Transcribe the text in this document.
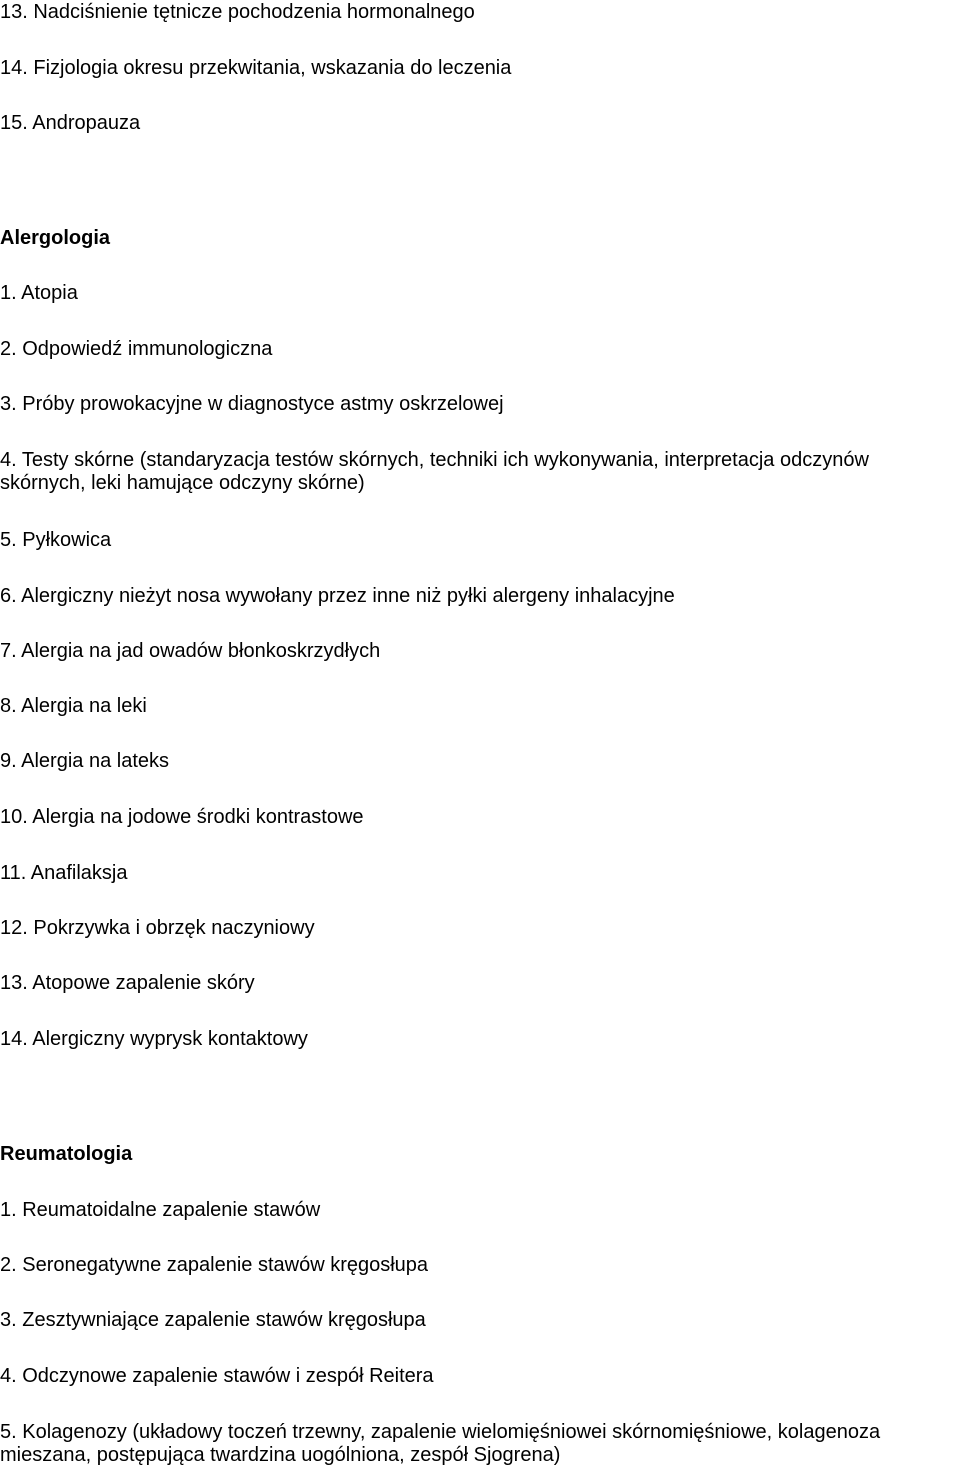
13. Nadciśnienie tętnicze pochodzenia hormonalnego

14. Fizjologia okresu przekwitania, wskazania do leczenia

15. Andropauza

Alergologia

1. Atopia

2. Odpowiedź immunologiczna

3. Próby prowokacyjne w diagnostyce astmy oskrzelowej

4. Testy skórne (standaryzacja testów skórnych, techniki ich wykonywania, interpretacja odczynów skórnych, leki hamujące odczyny skórne)

5. Pyłkowica

6. Alergiczny nieżyt nosa wywołany przez inne niż pyłki alergeny inhalacyjne

7. Alergia na jad owadów błonkoskrzydłych

8. Alergia na leki

9. Alergia na lateks

10. Alergia na jodowe środki kontrastowe

11. Anafilaksja

12. Pokrzywka i obrzęk naczyniowy

13. Atopowe zapalenie skóry

14. Alergiczny wyprysk kontaktowy

Reumatologia

1. Reumatoidalne zapalenie stawów

2. Seronegatywne zapalenie stawów kręgosłupa

3. Zesztywniające zapalenie stawów kręgosłupa

4. Odczynowe zapalenie stawów i zespół Reitera

5. Kolagenozy (układowy toczeń trzewny, zapalenie wielomięśniowei skórnomięśniowe, kolagenoza mieszana, postępująca twardzina uogólniona, zespół Sjogrena)
